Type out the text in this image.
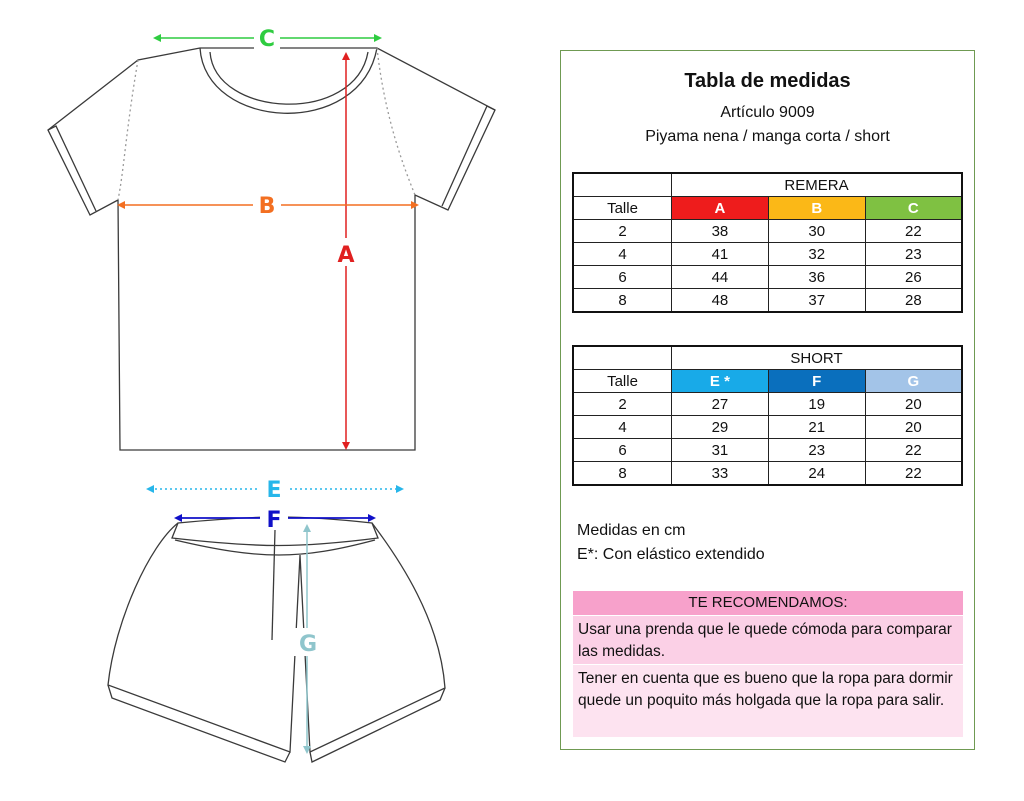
A
B
C
E
F
G
Tabla de medidas
Artículo 9009
Piyama nena / manga corta / short
	REMERA		
Talle	A	B	C
2	38	30	22
4	41	32	23
6	44	36	26
8	48	37	28
	SHORT		
Talle	E *	F	G
2	27	19	20
4	29	21	20
6	31	23	22
8	33	24	22
Medidas en cm
E*: Con elástico extendido
TE RECOMENDAMOS:
Usar una prenda que le quede cómoda para comparar las medidas.
Tener en cuenta que es bueno que la ropa para dormir quede un poquito más holgada que la ropa para salir.
